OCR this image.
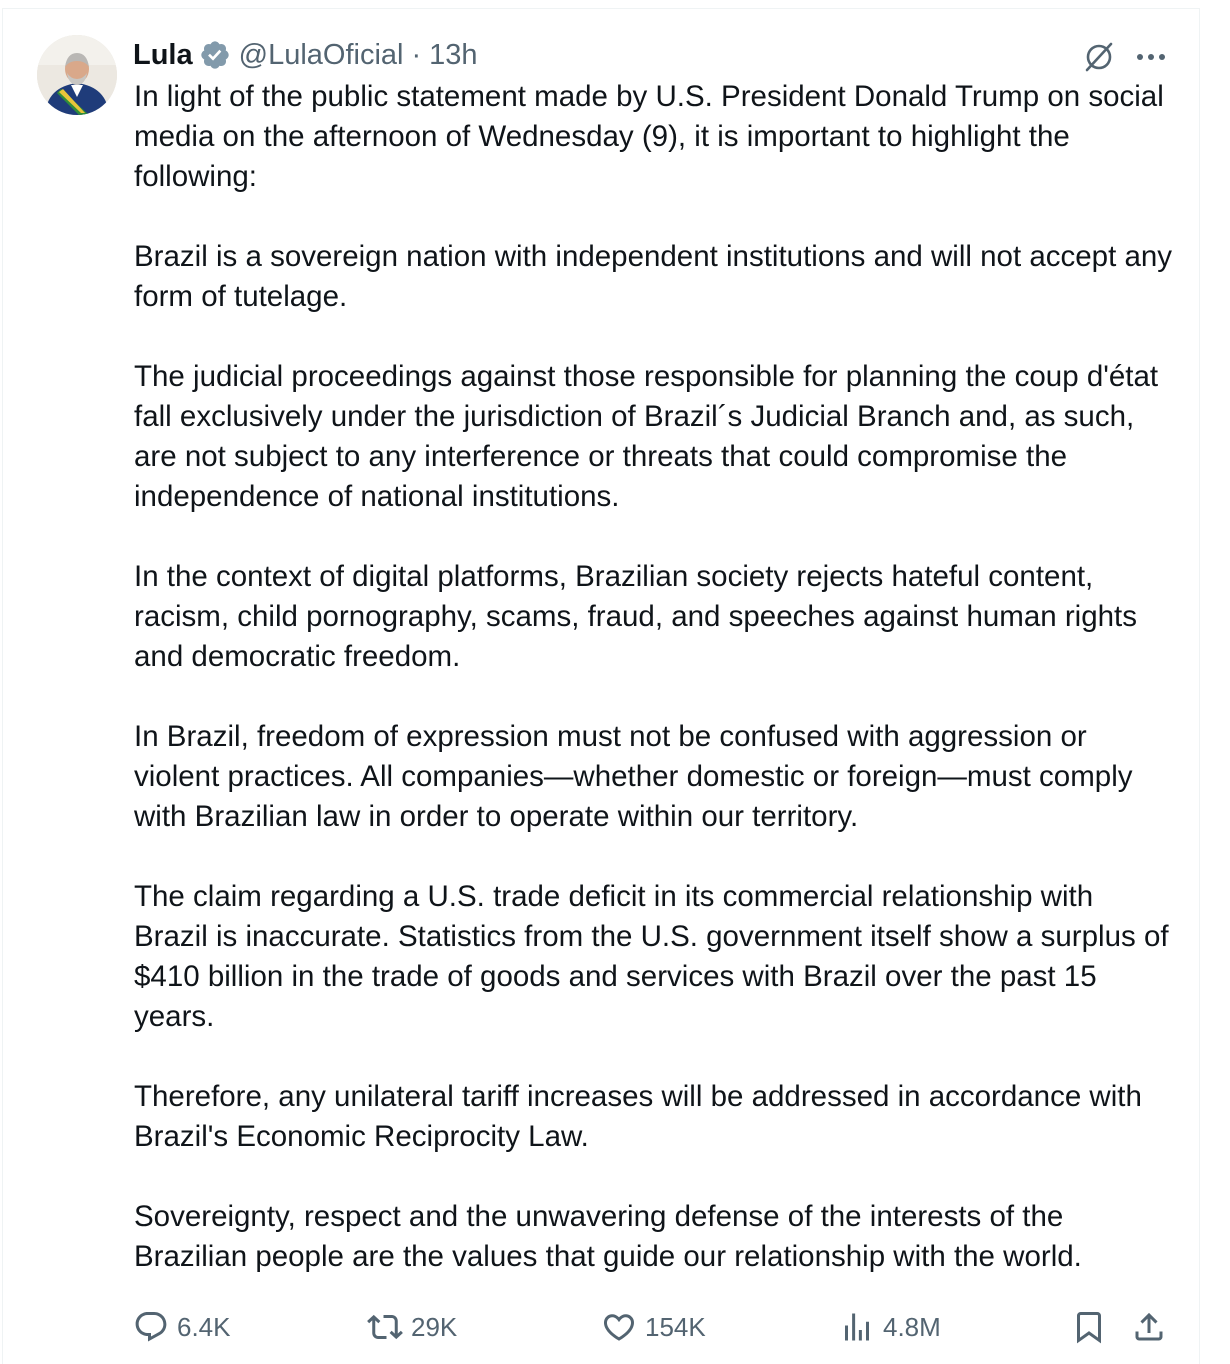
Lula @LulaOficial · 13h

In light of the public statement made by U.S. President Donald Trump on social media on the afternoon of Wednesday (9), it is important to highlight the following:

Brazil is a sovereign nation with independent institutions and will not accept any form of tutelage.

The judicial proceedings against those responsible for planning the coup d'état fall exclusively under the jurisdiction of Brazil´s Judicial Branch and, as such, are not subject to any interference or threats that could compromise the independence of national institutions.

In the context of digital platforms, Brazilian society rejects hateful content, racism, child pornography, scams, fraud, and speeches against human rights and democratic freedom.

In Brazil, freedom of expression must not be confused with aggression or violent practices. All companies—whether domestic or foreign—must comply with Brazilian law in order to operate within our territory.

The claim regarding a U.S. trade deficit in its commercial relationship with Brazil is inaccurate. Statistics from the U.S. government itself show a surplus of $410 billion in the trade of goods and services with Brazil over the past 15 years.

Therefore, any unilateral tariff increases will be addressed in accordance with Brazil's Economic Reciprocity Law.

Sovereignty, respect and the unwavering defense of the interests of the Brazilian people are the values that guide our relationship with the world.

6.4K	29K	154K	4.8M
